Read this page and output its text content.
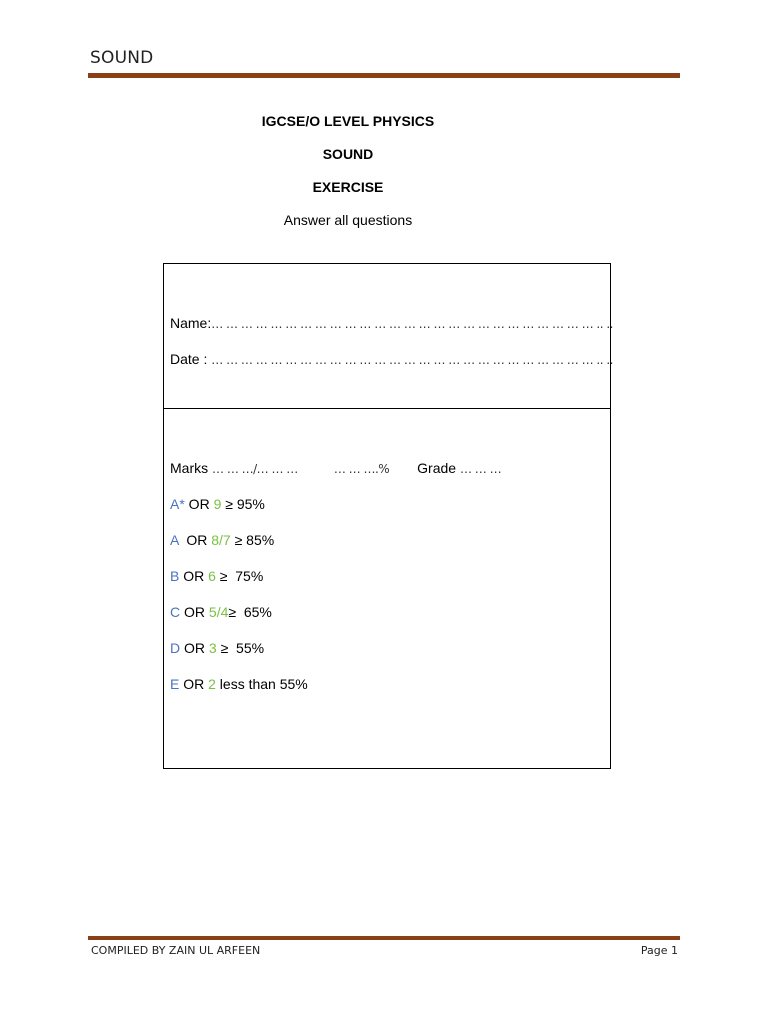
SOUND
IGCSE/O LEVEL PHYSICS
SOUND
EXERCISE
Answer all questions
Name:… … … … … … … … … … … … … … … … … … … … … … … … … … .. ..
Date : … … … … … … … … … … … … … … … … … … … … … … … … … … .. ..
Marks … … …/… … …	… … ….% Grade … … …
A* OR 9 ≥ 95%
A  OR 8/7 ≥ 85%
B OR 6 ≥  75%
C OR 5/4≥  65%
D OR 3 ≥  55%
E OR 2 less than 55%
COMPILED BY ZAIN UL ARFEEN	Page 1
